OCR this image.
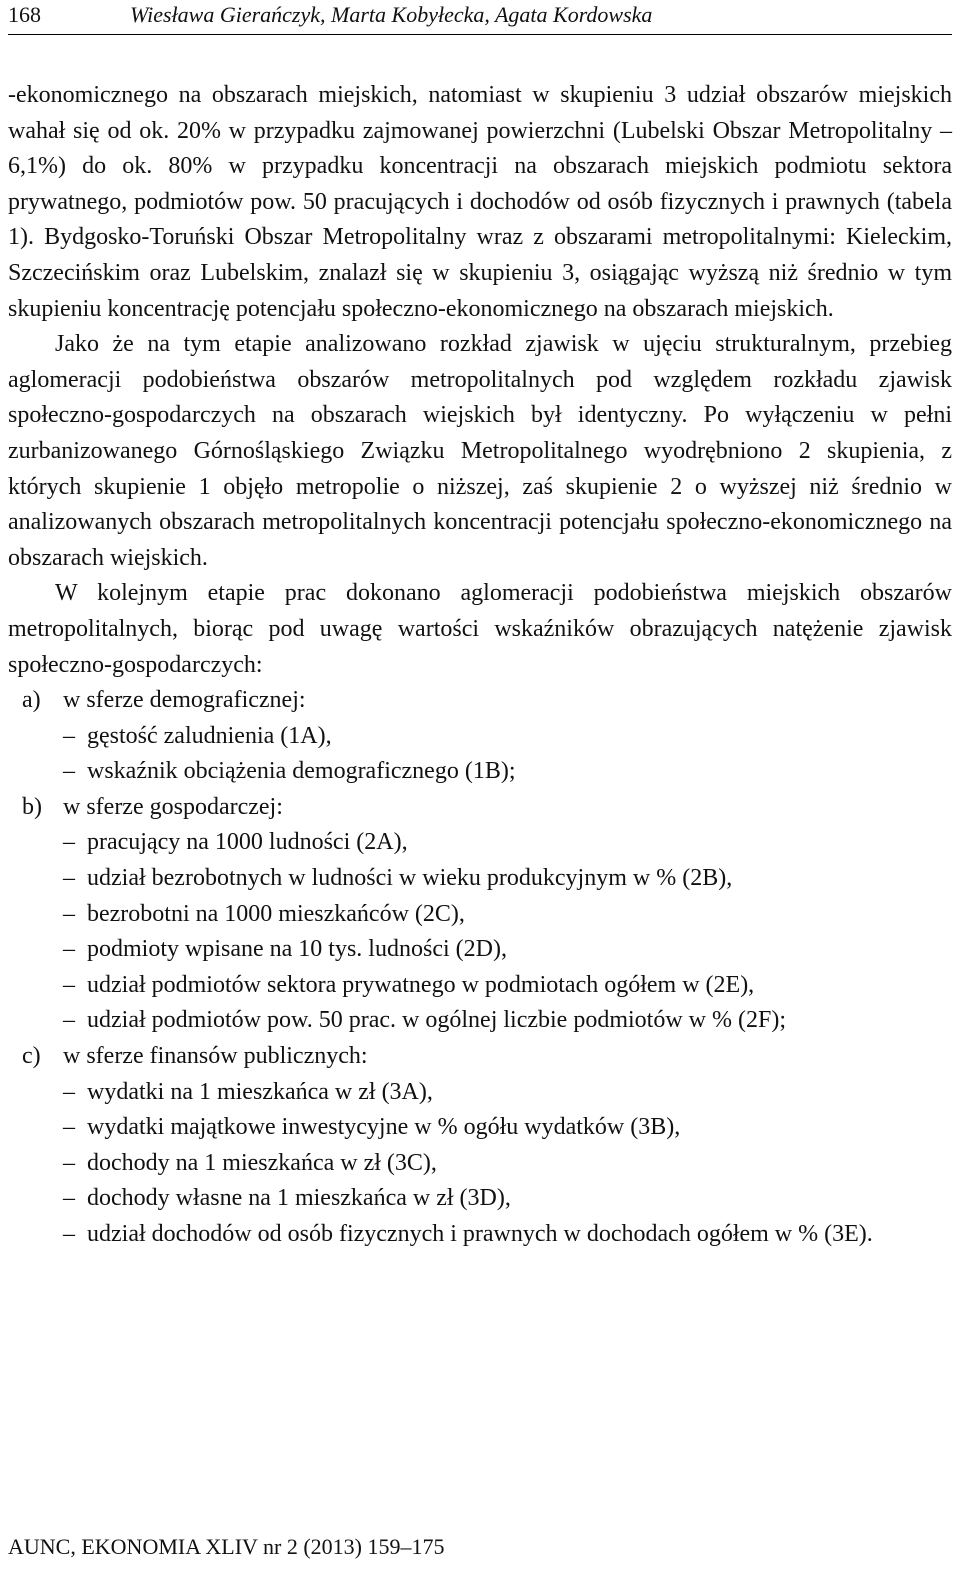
168	Wiesława Gierańczyk, Marta Kobyłecka, Agata Kordowska

-ekonomicznego na obszarach miejskich, natomiast w skupieniu 3 udział obszarów miejskich wahał się od ok. 20% w przypadku zajmowanej powierzchni (Lubelski Obszar Metropolitalny – 6,1%) do ok. 80% w przypadku koncentracji na obszarach miejskich podmiotu sektora prywatnego, podmiotów pow. 50 pracujących i dochodów od osób fizycznych i prawnych (tabela 1). Bydgosko-Toruński Obszar Metropolitalny wraz z obszarami metropolitalnymi: Kieleckim, Szczecińskim oraz Lubelskim, znalazł się w skupieniu 3, osiągając wyższą niż średnio w tym skupieniu koncentrację potencjału społeczno-ekonomicznego na obszarach miejskich.

Jako że na tym etapie analizowano rozkład zjawisk w ujęciu strukturalnym, przebieg aglomeracji podobieństwa obszarów metropolitalnych pod względem rozkładu zjawisk społeczno-gospodarczych na obszarach wiejskich był identyczny. Po wyłączeniu w pełni zurbanizowanego Górnośląskiego Związku Metropolitalnego wyodrębniono 2 skupienia, z których skupienie 1 objęło metropolie o niższej, zaś skupienie 2 o wyższej niż średnio w analizowanych obszarach metropolitalnych koncentracji potencjału społeczno-ekonomicznego na obszarach wiejskich.

W kolejnym etapie prac dokonano aglomeracji podobieństwa miejskich obszarów metropolitalnych, biorąc pod uwagę wartości wskaźników obrazujących natężenie zjawisk społeczno-gospodarczych:

a) w sferze demograficznej:
– gęstość zaludnienia (1A),
– wskaźnik obciążenia demograficznego (1B);
b) w sferze gospodarczej:
– pracujący na 1000 ludności (2A),
– udział bezrobotnych w ludności w wieku produkcyjnym w % (2B),
– bezrobotni na 1000 mieszkańców (2C),
– podmioty wpisane na 10 tys. ludności (2D),
– udział podmiotów sektora prywatnego w podmiotach ogółem w (2E),
– udział podmiotów pow. 50 prac. w ogólnej liczbie podmiotów w % (2F);
c) w sferze finansów publicznych:
– wydatki na 1 mieszkańca w zł (3A),
– wydatki majątkowe inwestycyjne w % ogółu wydatków (3B),
– dochody na 1 mieszkańca w zł (3C),
– dochody własne na 1 mieszkańca w zł (3D),
– udział dochodów od osób fizycznych i prawnych w dochodach ogółem w % (3E).
AUNC, EKONOMIA XLIV nr 2 (2013) 159–175
